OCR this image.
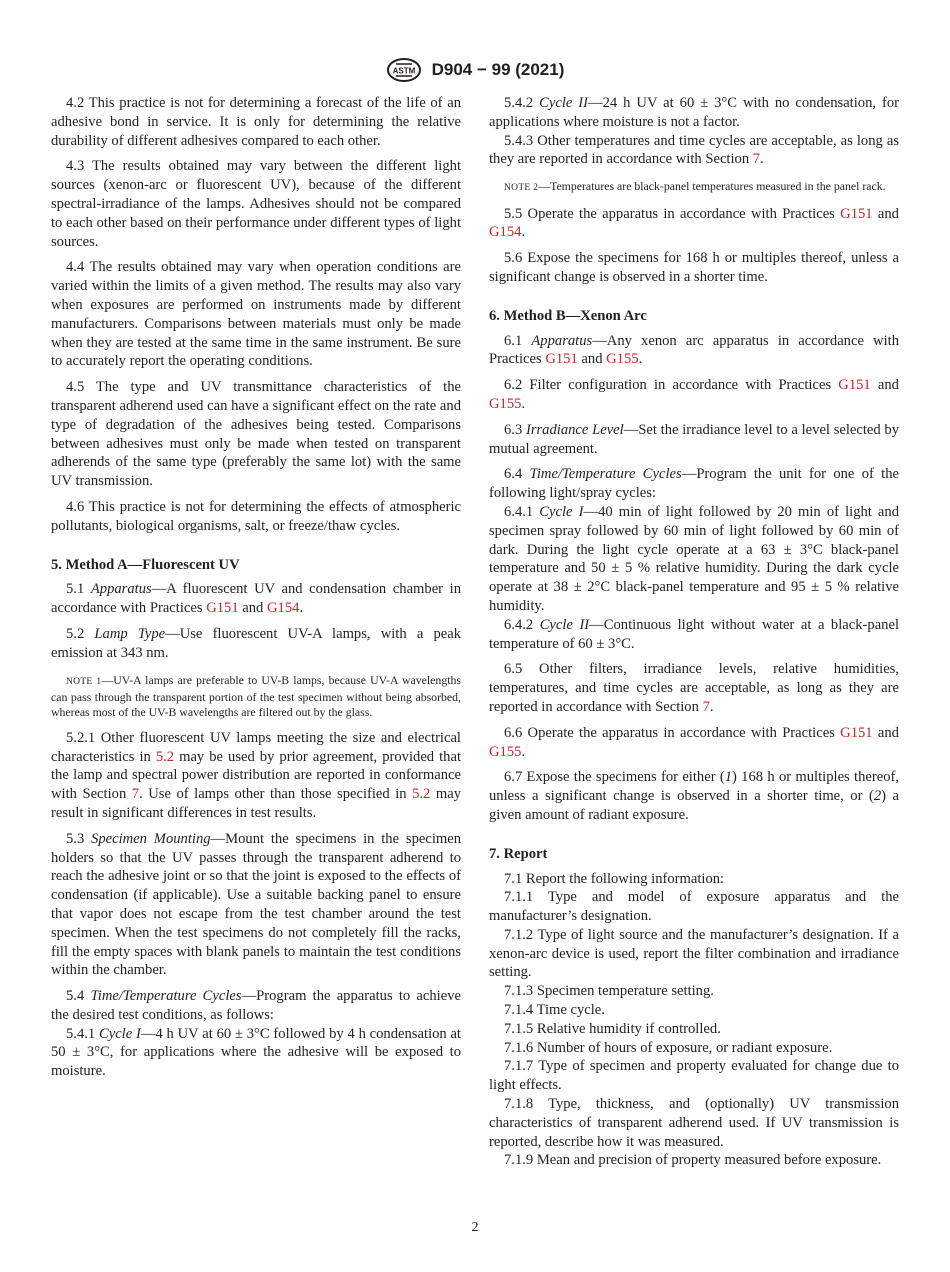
ASTM D904 − 99 (2021)

4.2 This practice is not for determining a forecast of the life of an adhesive bond in service. It is only for determining the relative durability of different adhesives compared to each other.

4.3 The results obtained may vary between the different light sources (xenon-arc or fluorescent UV), because of the different spectral-irradiance of the lamps. Adhesives should not be compared to each other based on their performance under different types of light sources.

4.4 The results obtained may vary when operation conditions are varied within the limits of a given method. The results may also vary when exposures are performed on instruments made by different manufacturers. Comparisons between materials must only be made when they are tested at the same time in the same instrument. Be sure to accurately report the operating conditions.

4.5 The type and UV transmittance characteristics of the transparent adherend used can have a significant effect on the rate and type of degradation of the adhesives being tested. Comparisons between adhesives must only be made when tested on transparent adherends of the same type (preferably the same lot) with the same UV transmission.

4.6 This practice is not for determining the effects of atmospheric pollutants, biological organisms, salt, or freeze/thaw cycles.

5. Method A—Fluorescent UV

5.1 Apparatus—A fluorescent UV and condensation chamber in accordance with Practices G151 and G154.

5.2 Lamp Type—Use fluorescent UV-A lamps, with a peak emission at 343 nm.

NOTE 1—UV-A lamps are preferable to UV-B lamps, because UV-A wavelengths can pass through the transparent portion of the test specimen without being absorbed, whereas most of the UV-B wavelengths are filtered out by the glass.

5.2.1 Other fluorescent UV lamps meeting the size and electrical characteristics in 5.2 may be used by prior agreement, provided that the lamp and spectral power distribution are reported in conformance with Section 7. Use of lamps other than those specified in 5.2 may result in significant differences in test results.

5.3 Specimen Mounting—Mount the specimens in the specimen holders so that the UV passes through the transparent adherend to reach the adhesive joint or so that the joint is exposed to the effects of condensation (if applicable). Use a suitable backing panel to ensure that vapor does not escape from the test chamber around the test specimen. When the test specimens do not completely fill the racks, fill the empty spaces with blank panels to maintain the test conditions within the chamber.

5.4 Time/Temperature Cycles—Program the apparatus to achieve the desired test conditions, as follows:

5.4.1 Cycle I—4 h UV at 60 ± 3°C followed by 4 h condensation at 50 ± 3°C, for applications where the adhesive will be exposed to moisture.

5.4.2 Cycle II—24 h UV at 60 ± 3°C with no condensation, for applications where moisture is not a factor.

5.4.3 Other temperatures and time cycles are acceptable, as long as they are reported in accordance with Section 7.

NOTE 2—Temperatures are black-panel temperatures measured in the panel rack.

5.5 Operate the apparatus in accordance with Practices G151 and G154.

5.6 Expose the specimens for 168 h or multiples thereof, unless a significant change is observed in a shorter time.

6. Method B—Xenon Arc

6.1 Apparatus—Any xenon arc apparatus in accordance with Practices G151 and G155.

6.2 Filter configuration in accordance with Practices G151 and G155.

6.3 Irradiance Level—Set the irradiance level to a level selected by mutual agreement.

6.4 Time/Temperature Cycles—Program the unit for one of the following light/spray cycles:

6.4.1 Cycle I—40 min of light followed by 20 min of light and specimen spray followed by 60 min of light followed by 60 min of dark. During the light cycle operate at a 63 ± 3°C black-panel temperature and 50 ± 5 % relative humidity. During the dark cycle operate at 38 ± 2°C black-panel temperature and 95 ± 5 % relative humidity.

6.4.2 Cycle II—Continuous light without water at a black-panel temperature of 60 ± 3°C.

6.5 Other filters, irradiance levels, relative humidities, temperatures, and time cycles are acceptable, as long as they are reported in accordance with Section 7.

6.6 Operate the apparatus in accordance with Practices G151 and G155.

6.7 Expose the specimens for either (1) 168 h or multiples thereof, unless a significant change is observed in a shorter time, or (2) a given amount of radiant exposure.

7. Report

7.1 Report the following information:

7.1.1 Type and model of exposure apparatus and the manufacturer’s designation.

7.1.2 Type of light source and the manufacturer’s designation. If a xenon-arc device is used, report the filter combination and irradiance setting.

7.1.3 Specimen temperature setting.

7.1.4 Time cycle.

7.1.5 Relative humidity if controlled.

7.1.6 Number of hours of exposure, or radiant exposure.

7.1.7 Type of specimen and property evaluated for change due to light effects.

7.1.8 Type, thickness, and (optionally) UV transmission characteristics of transparent adherend used. If UV transmission is reported, describe how it was measured.

7.1.9 Mean and precision of property measured before exposure.

2
